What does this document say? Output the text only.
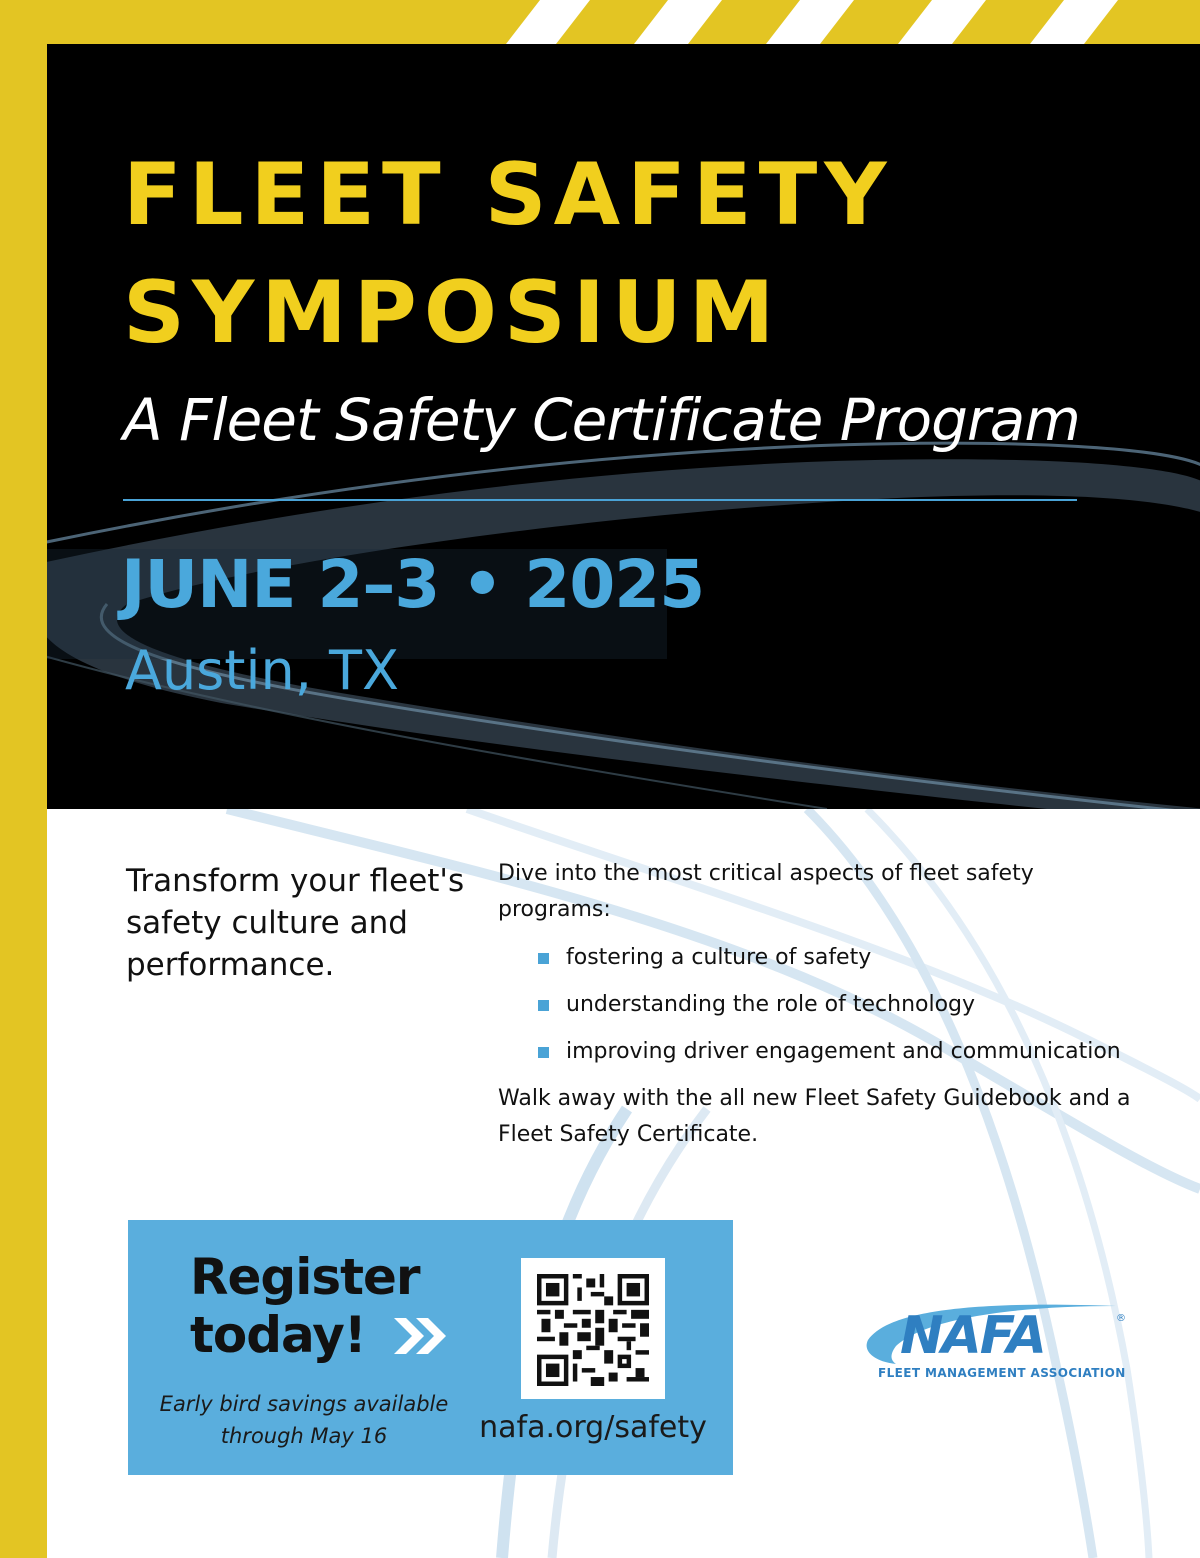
FLEET SAFETY
SYMPOSIUM
A Fleet Safety Certificate Program
JUNE 2–3 • 2025
Austin, TX
Transform your fleet's safety culture and performance.

Dive into the most critical aspects of fleet safety programs:

fostering a culture of safety
understanding the role of technology
improving driver engagement and communication

Walk away with the all new Fleet Safety Guidebook and a Fleet Safety Certificate.

Register
today!
Early bird savings available through May 16	nafa.org/safety
NAFA	®
FLEET MANAGEMENT ASSOCIATION
